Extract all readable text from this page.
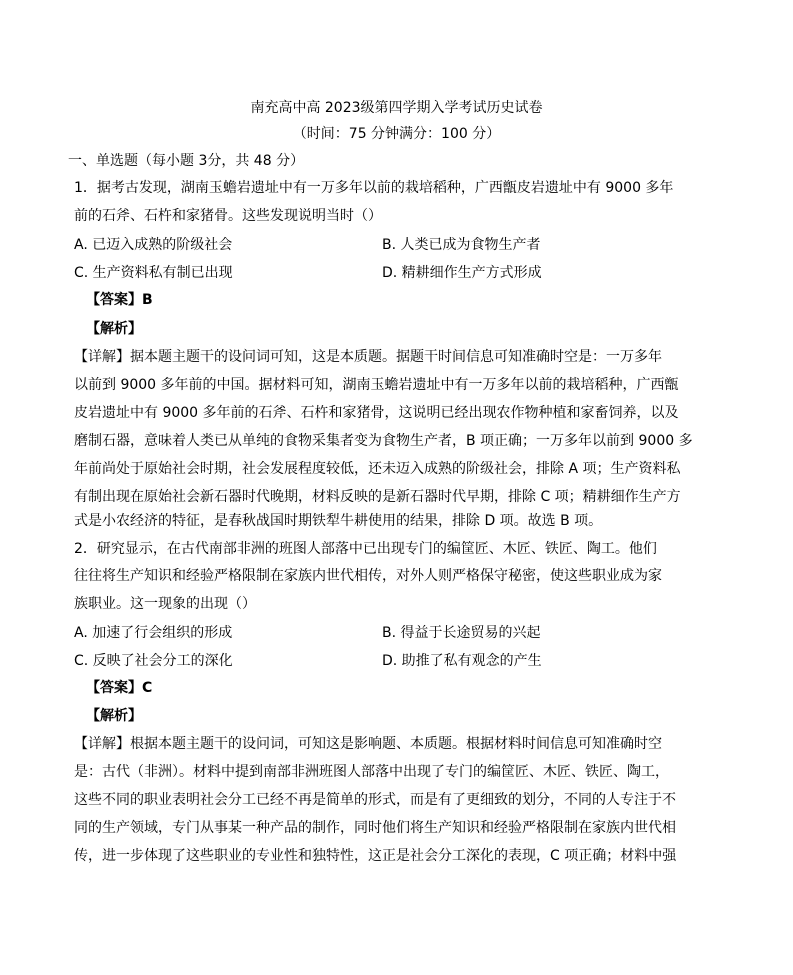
南充高中高 2023级第四学期入学考试历史试卷
（时间：75 分钟满分：100 分）
一、单选题（每小题 3分，共 48 分）
1．据考古发现，湖南玉蟾岩遗址中有一万多年以前的栽培稻种，广西甑皮岩遗址中有 9000 多年
前的石斧、石杵和家猪骨。这些发现说明当时（）
A. 已迈入成熟的阶级社会	B. 人类已成为食物生产者
C. 生产资料私有制已出现	D. 精耕细作生产方式形成
【答案】B
【解析】
【详解】据本题主题干的设问词可知，这是本质题。据题干时间信息可知准确时空是：一万多年
以前到 9000 多年前的中国。据材料可知，湖南玉蟾岩遗址中有一万多年以前的栽培稻种，广西甑
皮岩遗址中有 9000 多年前的石斧、石杵和家猪骨，这说明已经出现农作物种植和家畜饲养，以及
磨制石器，意味着人类已从单纯的食物采集者变为食物生产者，B 项正确；一万多年以前到 9000 多
年前尚处于原始社会时期，社会发展程度较低，还未迈入成熟的阶级社会，排除 A 项；生产资料私
有制出现在原始社会新石器时代晚期，材料反映的是新石器时代早期，排除 C 项；精耕细作生产方
式是小农经济的特征，是春秋战国时期铁犁牛耕使用的结果，排除 D 项。故选 B 项。
2．研究显示，在古代南部非洲的班图人部落中已出现专门的编筐匠、木匠、铁匠、陶工。他们
往往将生产知识和经验严格限制在家族内世代相传，对外人则严格保守秘密，使这些职业成为家
族职业。这一现象的出现（）
A. 加速了行会组织的形成	B. 得益于长途贸易的兴起
C. 反映了社会分工的深化	D. 助推了私有观念的产生
【答案】C
【解析】
【详解】根据本题主题干的设问词，可知这是影响题、本质题。根据材料时间信息可知准确时空
是：古代（非洲）。材料中提到南部非洲班图人部落中出现了专门的编筐匠、木匠、铁匠、陶工，
这些不同的职业表明社会分工已经不再是简单的形式，而是有了更细致的划分，不同的人专注于不
同的生产领域，专门从事某一种产品的制作，同时他们将生产知识和经验严格限制在家族内世代相
传，进一步体现了这些职业的专业性和独特性，这正是社会分工深化的表现，C 项正确；材料中强
